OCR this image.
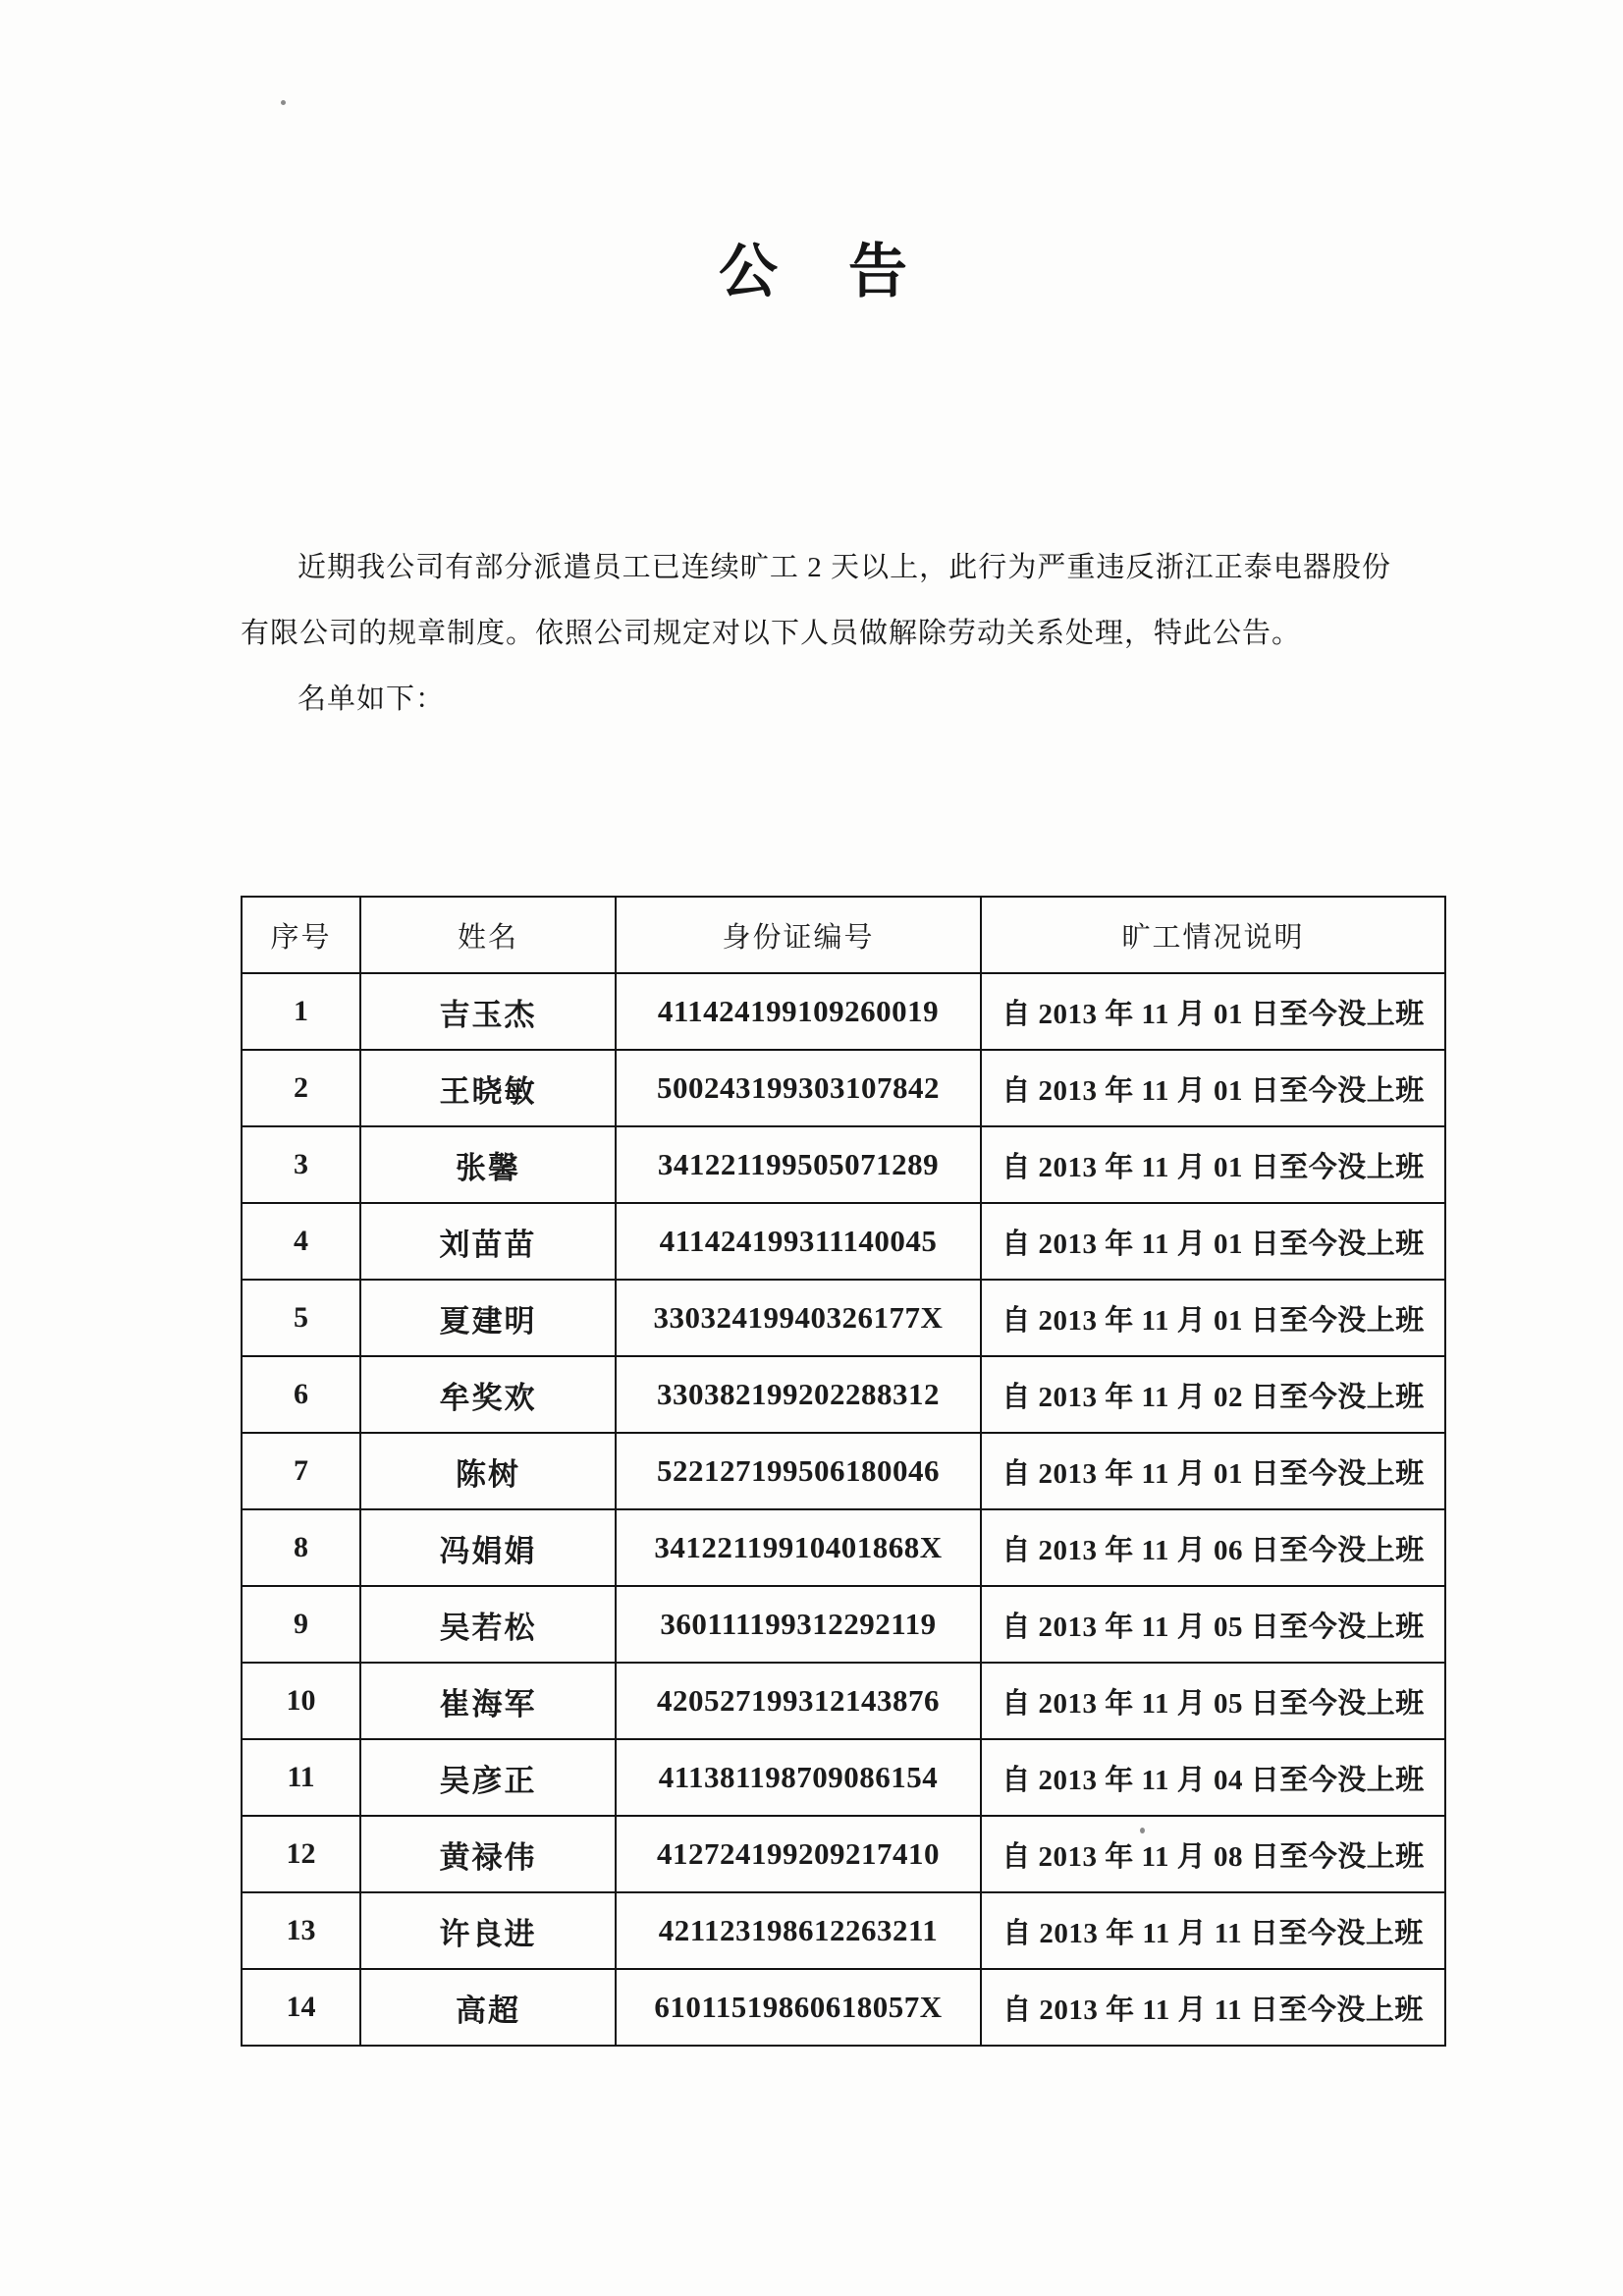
公　告

近期我公司有部分派遣员工已连续旷工 2 天以上，此行为严重违反浙江正泰电器股份有限公司的规章制度。依照公司规定对以下人员做解除劳动关系处理，特此公告。

名单如下：

序号	姓名	身份证编号	旷工情况说明
1	吉玉杰	411424199109260019	自 2013 年 11 月 01 日至今没上班
2	王晓敏	500243199303107842	自 2013 年 11 月 01 日至今没上班
3	张馨	341221199505071289	自 2013 年 11 月 01 日至今没上班
4	刘苗苗	411424199311140045	自 2013 年 11 月 01 日至今没上班
5	夏建明	33032419940326177X	自 2013 年 11 月 01 日至今没上班
6	牟奖欢	330382199202288312	自 2013 年 11 月 02 日至今没上班
7	陈树	522127199506180046	自 2013 年 11 月 01 日至今没上班
8	冯娟娟	34122119910401868X	自 2013 年 11 月 06 日至今没上班
9	吴若松	360111199312292119	自 2013 年 11 月 05 日至今没上班
10	崔海军	420527199312143876	自 2013 年 11 月 05 日至今没上班
11	吴彦正	411381198709086154	自 2013 年 11 月 04 日至今没上班
12	黄禄伟	412724199209217410	自 2013 年 11 月 08 日至今没上班
13	许良进	421123198612263211	自 2013 年 11 月 11 日至今没上班
14	高超	61011519860618057X	自 2013 年 11 月 11 日至今没上班
